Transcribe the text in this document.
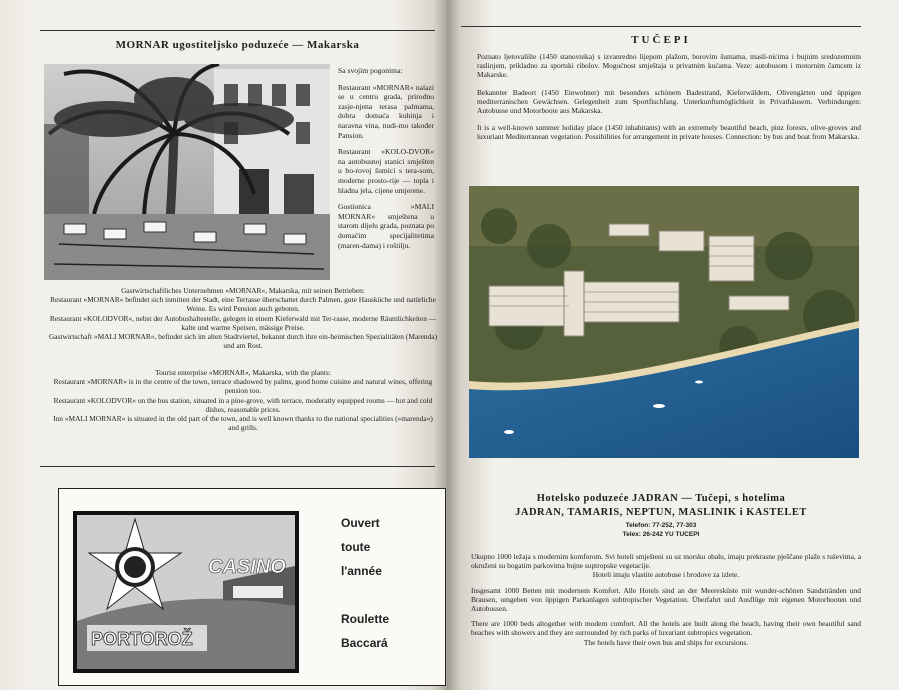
MORNAR ugostiteljsko poduzeće — Makarska

Sa svojim pogonima:

Restaurant »MORNAR« nalazi se u centru grada, prirodno zasje-njena terasa palmama, dobra domaća kuhinja i naravna vina, nudi-mo također Pansion.

Restaurant »KOLO-DVOR« na autobusnoj stanici smješten u bo-rovoj šumici s tera-som, moderne prosto-rije — topla i hladna jela, cijene umjerene.

Gostionica »MALI MORNAR« smještena u starom dijelu grada, poznata po domaćim specijalitetima (maren-dama) i roštilju.

Gastwirtschaftliches Unternehmen »MORNAR«, Makarska, mit seinen Betrieben:
Restaurant »MORNAR« befindet sich inmitten der Stadt, eine Terrasse überschattet durch Palmen, gute Hausküche und natürliche Weine. Es wird Pension auch geboten.
Restaurant »KOLODVOR«, nebst der Autobushaltestelle, gelegen in einem Kieferwald mit Ter-rasse, moderne Räumlichkeiten — kalte und warme Speisen, mässige Preise.
Gastwirtschaft »MALI MORNAR«, befindet sich im alten Stadtviertel, bekannt durch ihre ein-heimischen Spezialitäten (Marenda) und am Rost.
Tourist enterprise »MORNAR«, Makarska, with the plants:
Restaurant »MORNAR« is in the centre of the town, terrace shadowed by palms, good home cuisine and natural wines, offering pension too.
Restaurant »KOLODVOR« on the bus station, situated in a pine-grove, with terrace, moderatly equipped rooms — hot and cold dishes, reasonable prices.
Inn »MALI MORNAR« is situated in the old part of the town, and is well known thanks to the national specialities (»marenda«) and grills.
CASINO
PORTOROŽ
Ouvert
toute
l'année
Roulette
Baccará
TUČEPI

Poznato ljetovalište (1450 stanovnika) s izvanredno lijepom plažom, borovim šumama, masli-nicima i bujnim sredozemnim raslinjem, prikladno za sportski ribolov. Mogućnost smještaja u privatnim kućama. Veze: autobusom i motornim čamcem iz Makarske.

Bekannter Badeort (1450 Einwohner) mit besonders schönem Badestrand, Kieferwäldern, Olivengärten und üppigen mediterranischen Gewächsen. Gelegenheit zum Sportfischfang. Unterkunftsmöglichkeit in Privathäusern. Verbindungen: Autobusse und Motorboote aus Makarska.

It is a well-known summer holiday place (1450 inhabitants) with an extremely beautiful beach, pinz forests, olive-groves and luxuriant Mediterranean vegetation. Possibilities for arrangement in private houses. Connection: by bus and boat from Makarska.

Hotelsko poduzeće JADRAN — Tučepi, s hotelima
JADRAN, TAMARIS, NEPTUN, MASLINIK i KASTELET
Telefon: 77-252, 77-303
Telex: 26-242 YU TUCEPI

Ukupno 1000 ležaja s modernim komforom. Svi hoteli smješteni su uz morsku obalu, imaju prekrasne pješčane plaže s tuševima, a okruženi su bogatim parkovima bujne suptropske vegetacije.

Hoteli imaju vlastite autobuse i brodove za izlete.

Insgesamt 1000 Betten mit modernem Komfort. Alle Hotels sind an der Meeresküste mit wunder-schönen Sandstränden und Brausen, umgeben von üppigen Parkanlagen subtropischer Vegetation. Überfahrt und Ausflüge mit eigenen Motorbooten und Autobussen.

There are 1000 beds altogether with modern comfort. All the hotels are built along the beach, having their own beautiful sand beaches with showers and they are surrounded by rich parks of luxuriant subtropics vegetation.

The hotels have their own bus and ships for excursions.
